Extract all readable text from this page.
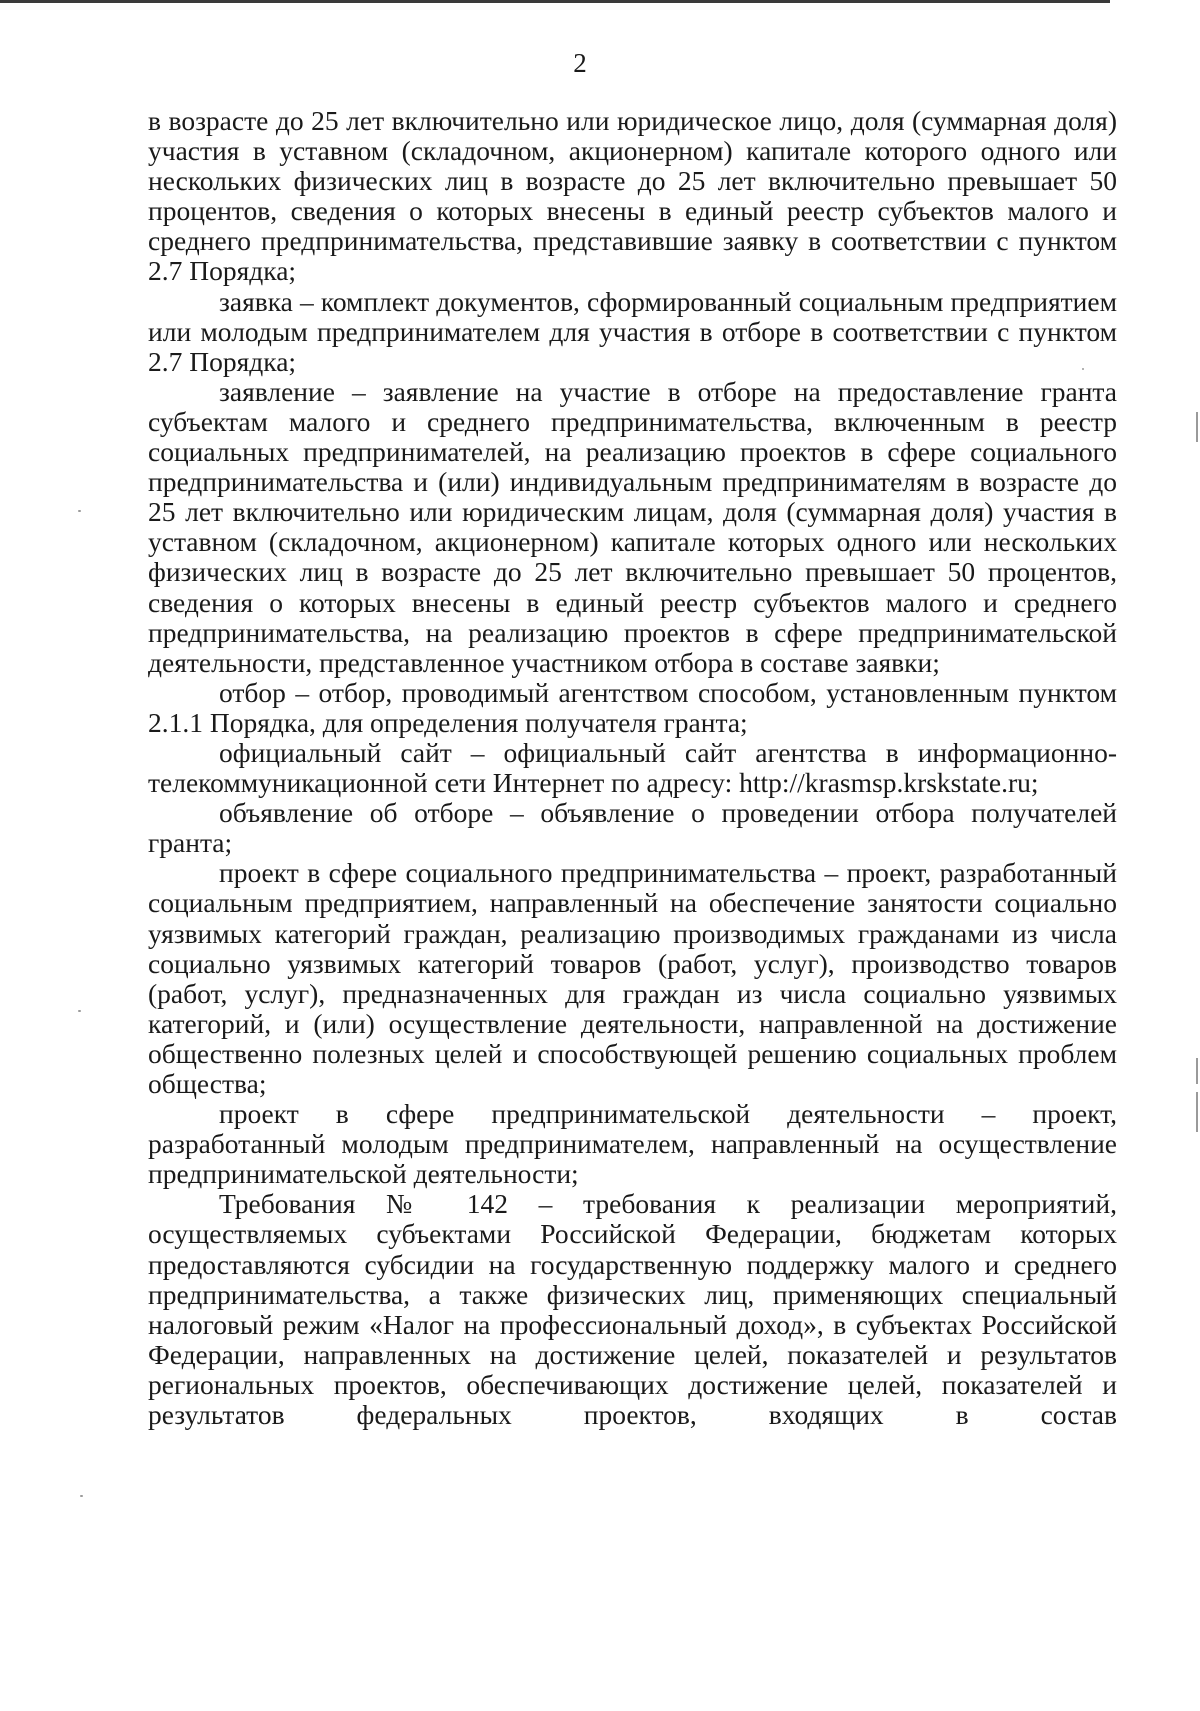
2

в возрасте до 25 лет включительно или юридическое лицо, доля (суммарная доля) участия в уставном (складочном, акционерном) капитале которого одного или нескольких физических лиц в возрасте до 25 лет включительно превышает 50 процентов, сведения о которых внесены в единый реестр субъектов малого и среднего предпринимательства, представившие заявку в соответствии с пунктом 2.7 Порядка;

заявка – комплект документов, сформированный социальным предприятием или молодым предпринимателем для участия в отборе в соответствии с пунктом 2.7 Порядка;

заявление – заявление на участие в отборе на предоставление гранта субъектам малого и среднего предпринимательства, включенным в реестр социальных предпринимателей, на реализацию проектов в сфере социального предпринимательства и (или) индивидуальным предпринимателям в возрасте до 25 лет включительно или юридическим лицам, доля (суммарная доля) участия в уставном (складочном, акционерном) капитале которых одного или нескольких физических лиц в возрасте до 25 лет включительно превышает 50 процентов, сведения о которых внесены в единый реестр субъектов малого и среднего предпринимательства, на реализацию проектов в сфере предпринимательской деятельности, представленное участником отбора в составе заявки;

отбор – отбор, проводимый агентством способом, установленным пунктом 2.1.1 Порядка, для определения получателя гранта;

официальный сайт – официальный сайт агентства в информационно-телекоммуникационной сети Интернет по адресу: http://krasmsp.krskstate.ru;

объявление об отборе – объявление о проведении отбора получателей гранта;

проект в сфере социального предпринимательства – проект, разработанный социальным предприятием, направленный на обеспечение занятости социально уязвимых категорий граждан, реализацию производимых гражданами из числа социально уязвимых категорий товаров (работ, услуг), производство товаров (работ, услуг), предназначенных для граждан из числа социально уязвимых категорий, и (или) осуществление деятельности, направленной на достижение общественно полезных целей и способствующей решению социальных проблем общества;

проект в сфере предпринимательской деятельности – проект, разработанный молодым предпринимателем, направленный на осуществление предпринимательской деятельности;

Требования № 142 – требования к реализации мероприятий, осуществляемых субъектами Российской Федерации, бюджетам которых предоставляются субсидии на государственную поддержку малого и среднего предпринимательства, а также физических лиц, применяющих специальный налоговый режим «Налог на профессиональный доход», в субъектах Российской Федерации, направленных на достижение целей, показателей и результатов региональных проектов, обеспечивающих достижение целей, показателей и результатов федеральных проектов, входящих в состав
